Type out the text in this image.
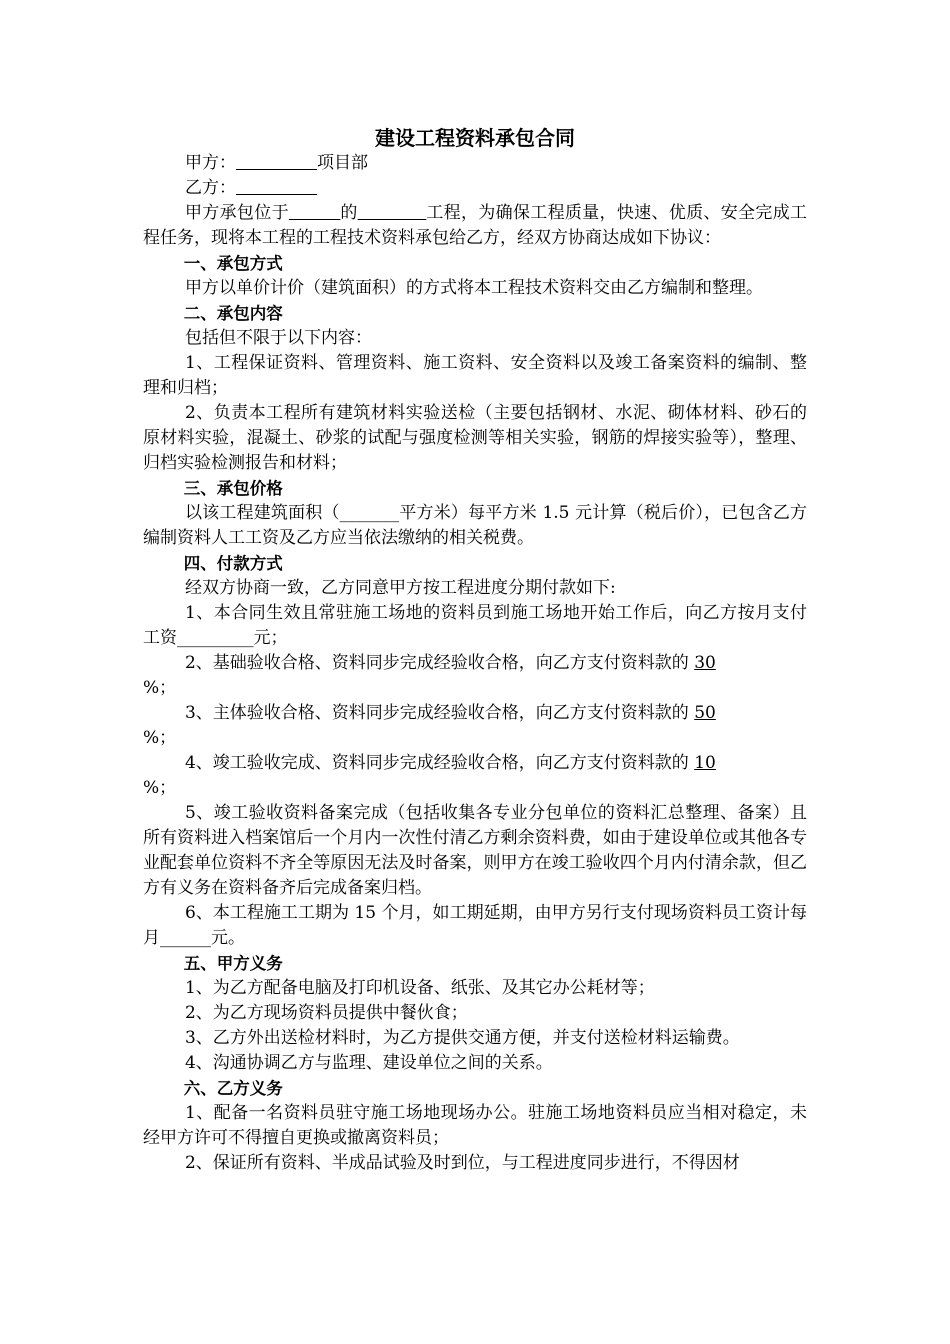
建设工程资料承包合同

甲方：	项目部

乙方：

甲方承包位于	的	工程，为确保工程质量，快速、优质、安全完成工程任务，现将本工程的工程技术资料承包给乙方，经双方协商达成如下协议：

一、承包方式

甲方以单价计价（建筑面积）的方式将本工程技术资料交由乙方编制和整理。

二、承包内容

包括但不限于以下内容：

1、工程保证资料、管理资料、施工资料、安全资料以及竣工备案资料的编制、整理和归档；

2、负责本工程所有建筑材料实验送检（主要包括钢材、水泥、砌体材料、砂石的原材料实验，混凝土、砂浆的试配与强度检测等相关实验，钢筋的焊接实验等），整理、归档实验检测报告和材料；

三、承包价格

以该工程建筑面积（_______平方米）每平方米 1.5 元计算（税后价），已包含乙方编制资料人工工资及乙方应当依法缴纳的相关税费。

四、付款方式

经双方协商一致，乙方同意甲方按工程进度分期付款如下:

1、本合同生效且常驻施工场地的资料员到施工场地开始工作后，向乙方按月支付工资_________元；

2、基础验收合格、资料同步完成经验收合格，向乙方支付资料款的 30
%；

3、主体验收合格、资料同步完成经验收合格，向乙方支付资料款的 50
%；

4、竣工验收完成、资料同步完成经验收合格，向乙方支付资料款的 10
%；

5、竣工验收资料备案完成（包括收集各专业分包单位的资料汇总整理、备案）且所有资料进入档案馆后一个月内一次性付清乙方剩余资料费，如由于建设单位或其他各专业配套单位资料不齐全等原因无法及时备案，则甲方在竣工验收四个月内付清余款，但乙方有义务在资料备齐后完成备案归档。

6、本工程施工工期为 15 个月，如工期延期，由甲方另行支付现场资料员工资计每月______元。

五、甲方义务

1、为乙方配备电脑及打印机设备、纸张、及其它办公耗材等；

2、为乙方现场资料员提供中餐伙食；

3、乙方外出送检材料时，为乙方提供交通方便，并支付送检材料运输费。

4、沟通协调乙方与监理、建设单位之间的关系。

六、乙方义务

1、配备一名资料员驻守施工场地现场办公。驻施工场地资料员应当相对稳定，未经甲方许可不得擅自更换或撤离资料员；

2、保证所有资料、半成品试验及时到位，与工程进度同步进行，不得因材
